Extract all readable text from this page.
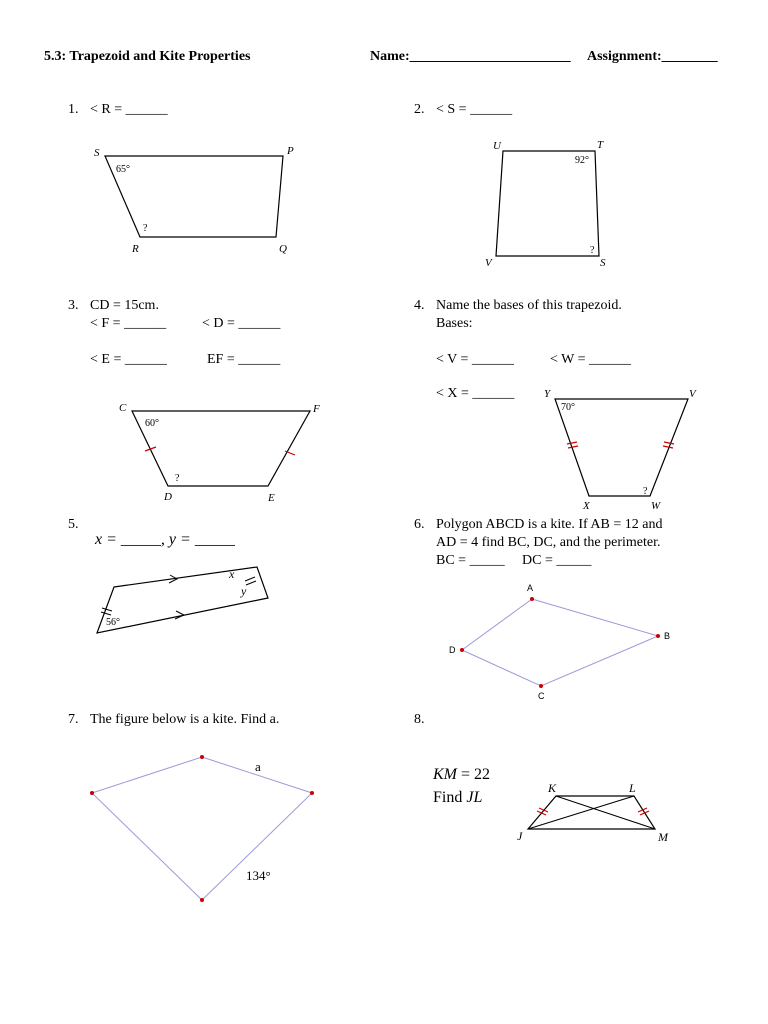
5.3: Trapezoid and Kite Properties	Name:_______________________ Assignment:________
1. < R = ______
S	P
R	Q
65°
?
2. < S = ______
U	T
V	S
92°
?
3. CD = 15cm.
< F = ______	< D = ______
< E = ______	EF = ______
C	F
D	E
60°
?
4. Name the bases of this trapezoid.
Bases:
< V = ______	< W = ______
< X = ______	Y	V
X	W
70°
?
5.
x = _____, y = _____
x
y
56°
6. Polygon ABCD is a kite. If AB = 12 and
AD = 4 find BC, DC, and the perimeter.
BC = _____ DC = _____
A
B
C
D
7. The figure below is a kite. Find a.
a
134°
8.
KM = 22
Find JL
K	L
J	M
